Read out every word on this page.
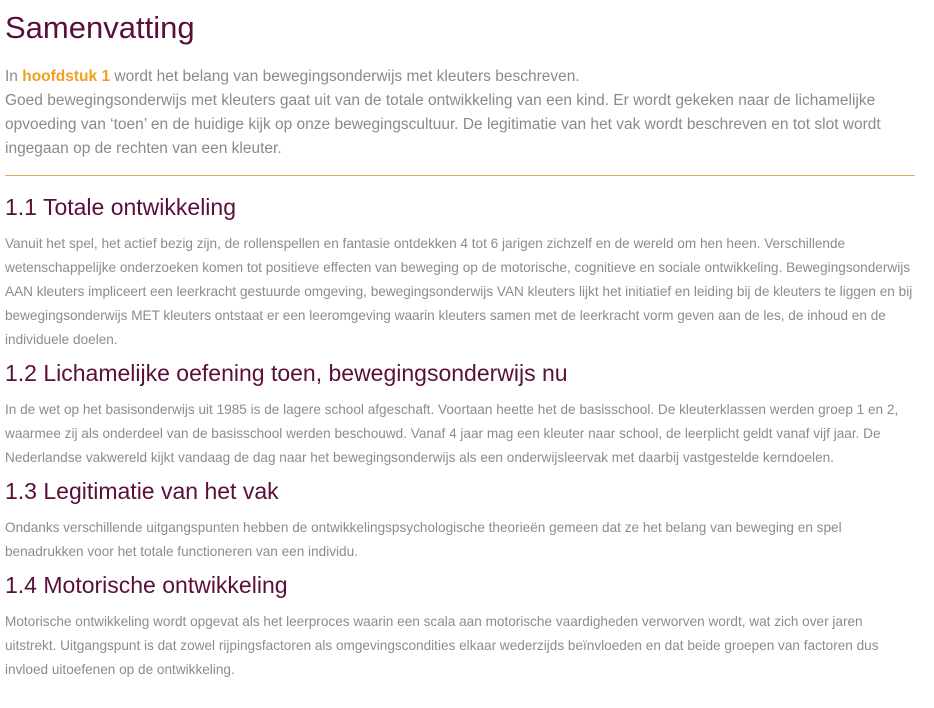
Samenvatting

In hoofdstuk 1 wordt het belang van bewegingsonderwijs met kleuters beschreven.
Goed bewegingsonderwijs met kleuters gaat uit van de totale ontwikkeling van een kind. Er wordt gekeken naar de lichamelijke opvoeding van ‘toen’ en de huidige kijk op onze bewegingscultuur. De legitimatie van het vak wordt beschreven en tot slot wordt ingegaan op de rechten van een kleuter.

1.1 Totale ontwikkeling

Vanuit het spel, het actief bezig zijn, de rollenspellen en fantasie ontdekken 4 tot 6 jarigen zichzelf en de wereld om hen heen. Verschillende wetenschappelijke onderzoeken komen tot positieve effecten van beweging op de motorische, cognitieve en sociale ontwikkeling. Bewegingsonderwijs AAN kleuters impliceert een leerkracht gestuurde omgeving, bewegingsonderwijs VAN kleuters lijkt het initiatief en leiding bij de kleuters te liggen en bij bewegingsonderwijs MET kleuters ontstaat er een leeromgeving waarin kleuters samen met de leerkracht vorm geven aan de les, de inhoud en de individuele doelen.

1.2 Lichamelijke oefening toen, bewegingsonderwijs nu

In de wet op het basisonderwijs uit 1985 is de lagere school afgeschaft. Voortaan heette het de basisschool. De kleuterklassen werden groep 1 en 2, waarmee zij als onderdeel van de basisschool werden beschouwd. Vanaf 4 jaar mag een kleuter naar school, de leerplicht geldt vanaf vijf jaar. De Nederlandse vakwereld kijkt vandaag de dag naar het bewegingsonderwijs als een onderwijsleervak met daarbij vastgestelde kerndoelen.

1.3 Legitimatie van het vak

Ondanks verschillende uitgangspunten hebben de ontwikkelingspsychologische theorieën gemeen dat ze het belang van beweging en spel benadrukken voor het totale functioneren van een individu.

1.4 Motorische ontwikkeling

Motorische ontwikkeling wordt opgevat als het leerproces waarin een scala aan motorische vaardigheden verworven wordt, wat zich over jaren uitstrekt. Uitgangspunt is dat zowel rijpingsfactoren als omgevingscondities elkaar wederzijds beïnvloeden en dat beide groepen van factoren dus invloed uitoefenen op de ontwikkeling.
